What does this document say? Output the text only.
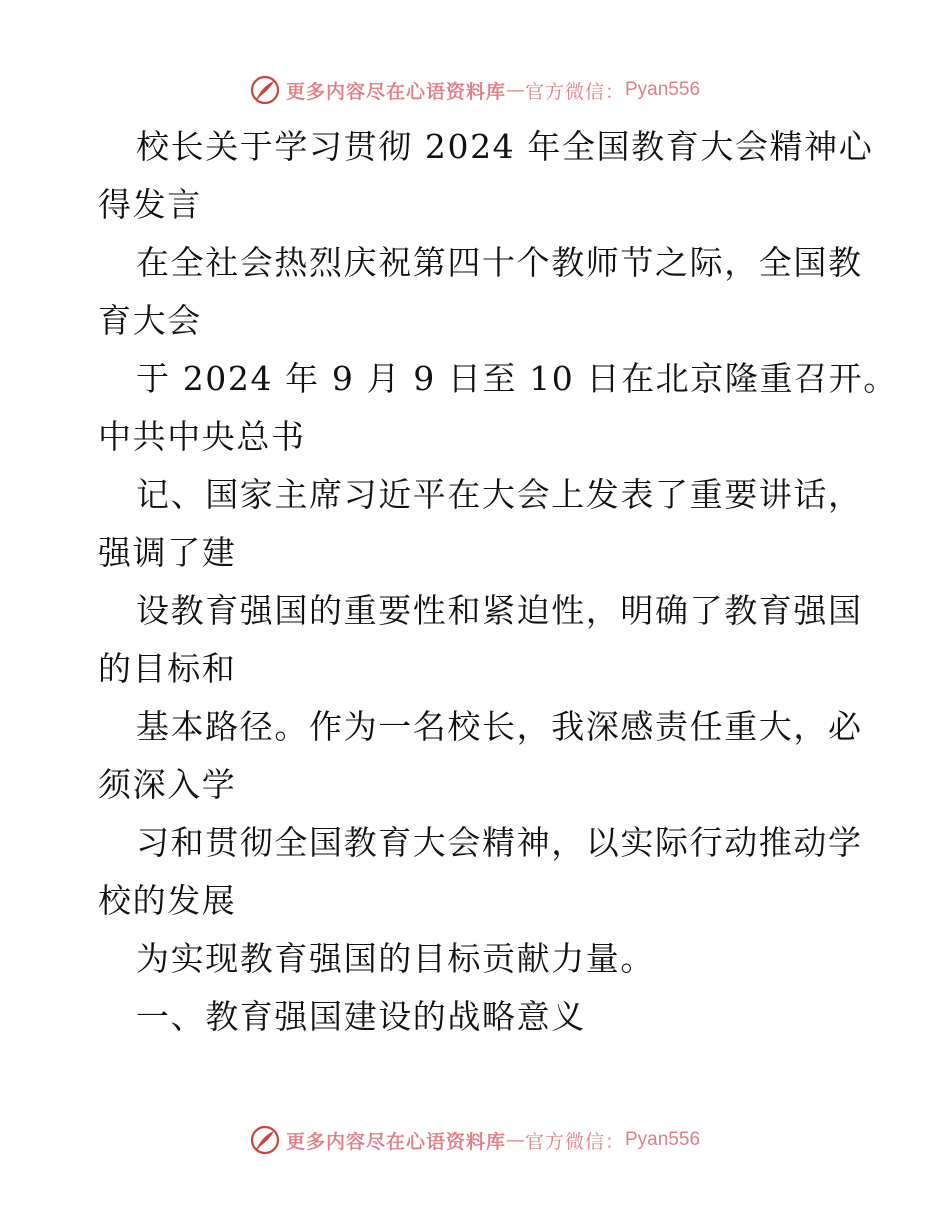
更多内容尽在心语资料库 — 官方微信： Pyan556
校长关于学习贯彻 2024 年全国教育大会精神心
得发言
在全社会热烈庆祝第四十个教师节之际，全国教
育大会
于 2024 年 9 月 9 日至 10 日在北京隆重召开。
中共中央总书
记、国家主席习近平在大会上发表了重要讲话，
强调了建
设教育强国的重要性和紧迫性，明确了教育强国
的目标和
基本路径。作为一名校长，我深感责任重大，必
须深入学
习和贯彻全国教育大会精神，以实际行动推动学
校的发展
为实现教育强国的目标贡献力量。
一、教育强国建设的战略意义
更多内容尽在心语资料库 — 官方微信： Pyan556
